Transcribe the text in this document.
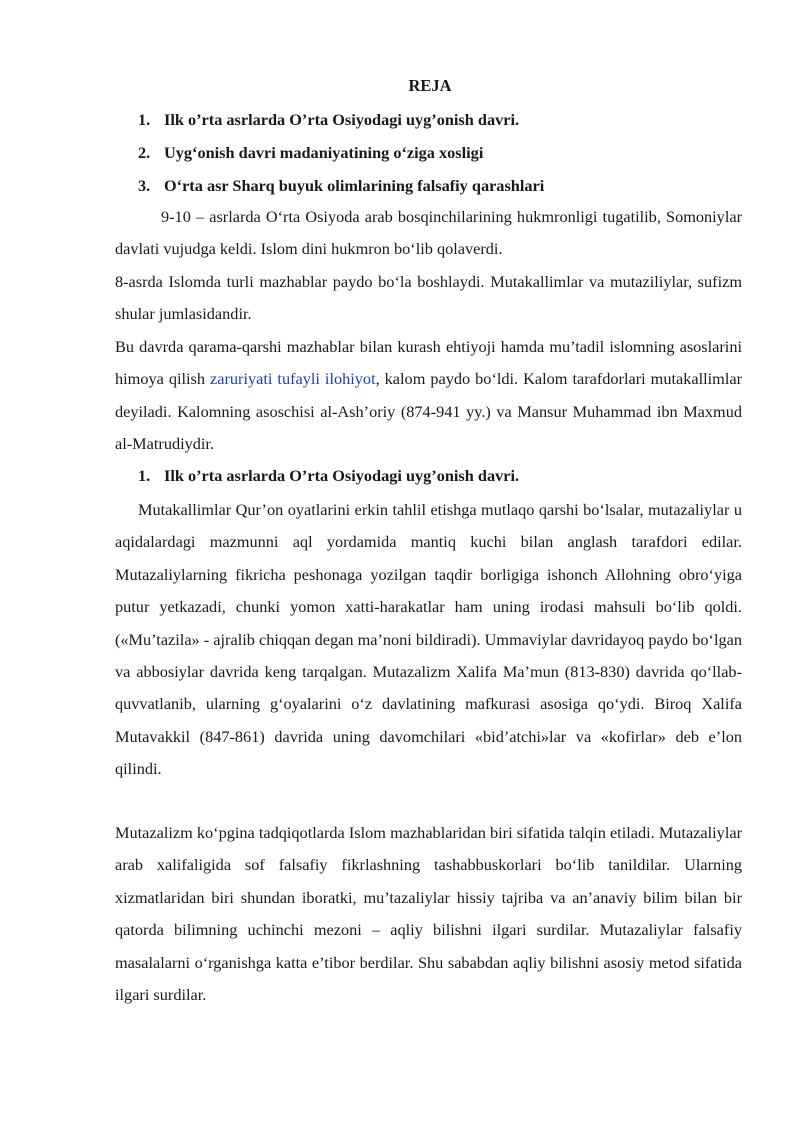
REJA
1. Ilk o’rta asrlarda O’rta Osiyodagi uyg’onish davri.
2. Uyg‘onish davri madaniyatining o‘ziga xosligi
3. O‘rta asr Sharq buyuk olimlarining falsafiy qarashlari
9-10 – asrlarda O‘rta Osiyoda arab bosqinchilarining hukmronligi tugatilib, Somoniylar davlati vujudga keldi. Islom dini hukmron bo‘lib qolaverdi.
8-asrda Islomda turli mazhablar paydo bo‘la boshlaydi. Mutakallimlar va mutaziliylar, sufizm shular jumlasidandir.
Bu davrda qarama-qarshi mazhablar bilan kurash ehtiyoji hamda mu’tadil islomning asoslarini himoya qilish zaruriyati tufayli ilohiyot, kalom paydo bo‘ldi. Kalom tarafdorlari mutakallimlar deyiladi. Kalomning asoschisi al-Ash’oriy (874-941 yy.) va Mansur Muhammad ibn Maxmud al-Matrudiydir.
1. Ilk o’rta asrlarda O’rta Osiyodagi uyg’onish davri.
Mutakallimlar Qur’on oyatlarini erkin tahlil etishga mutlaqo qarshi bo‘lsalar, mutazaliylar u aqidalardagi mazmunni aql yordamida mantiq kuchi bilan anglash tarafdori edilar. Mutazaliylarning fikricha peshonaga yozilgan taqdir borligiga ishonch Allohning obro‘yiga putur yetkazadi, chunki yomon xatti-harakatlar ham uning irodasi mahsuli bo‘lib qoldi. («Mu’tazila» - ajralib chiqqan degan ma’noni bildiradi). Ummaviylar davridayoq paydo bo‘lgan va abbosiylar davrida keng tarqalgan. Mutazalizm Xalifa Ma’mun (813-830) davrida qo‘llab-quvvatlanib, ularning g‘oyalarini o‘z davlatining mafkurasi asosiga qo‘ydi. Biroq Xalifa Mutavakkil (847-861) davrida uning davomchilari «bid’atchi»lar va «kofirlar» deb e’lon qilindi.
Mutazalizm ko‘pgina tadqiqotlarda Islom mazhablaridan biri sifatida talqin etiladi. Mutazaliylar arab xalifaligida sof falsafiy fikrlashning tashabbuskorlari bo‘lib tanildilar. Ularning xizmatlaridan biri shundan iboratki, mu’tazaliylar hissiy tajriba va an’anaviy bilim bilan bir qatorda bilimning uchinchi mezoni – aqliy bilishni ilgari surdilar. Mutazaliylar falsafiy masalalarni o‘rganishga katta e’tibor berdilar. Shu sababdan aqliy bilishni asosiy metod sifatida ilgari surdilar.
